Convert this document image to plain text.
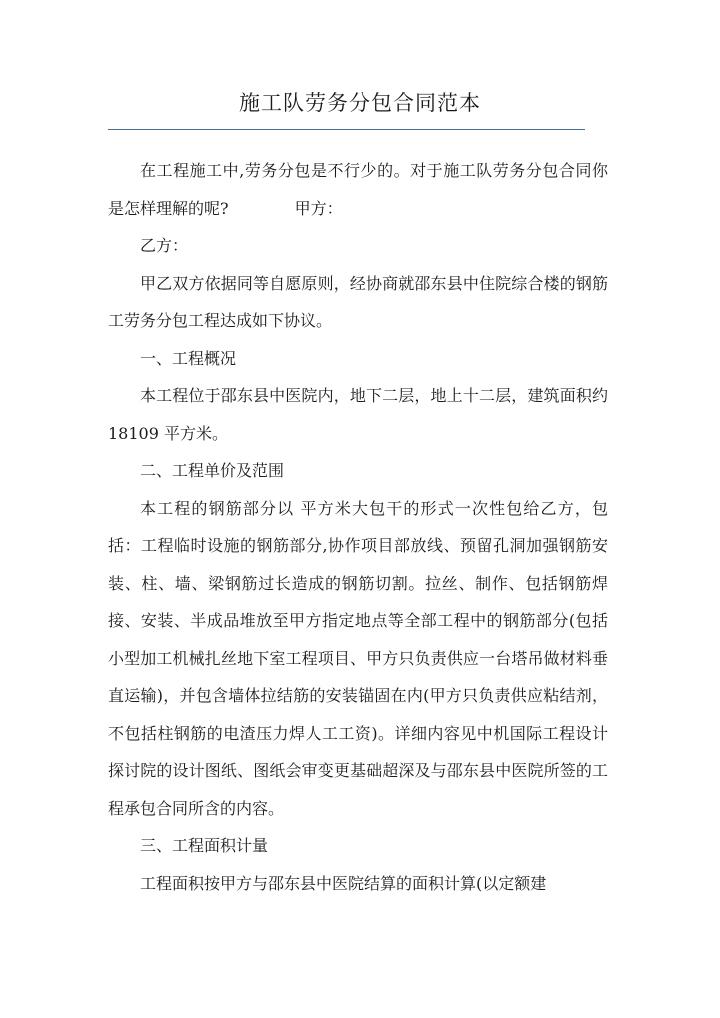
施工队劳务分包合同范本

在工程施工中,劳务分包是不行少的。对于施工队劳务分包合同你是怎样理解的呢?	甲方：

乙方：

甲乙双方依据同等自愿原则，经协商就邵东县中住院综合楼的钢筋工劳务分包工程达成如下协议。

一、工程概况

本工程位于邵东县中医院内，地下二层，地上十二层，建筑面积约 18109 平方米。

二、工程单价及范围

本工程的钢筋部分以 平方米大包干的形式一次性包给乙方，包括：工程临时设施的钢筋部分,协作项目部放线、预留孔洞加强钢筋安装、柱、墙、梁钢筋过长造成的钢筋切割。拉丝、制作、包括钢筋焊接、安装、半成品堆放至甲方指定地点等全部工程中的钢筋部分(包括小型加工机械扎丝地下室工程项目、甲方只负责供应一台塔吊做材料垂直运输)，并包含墙体拉结筋的安装锚固在内(甲方只负责供应粘结剂，不包括柱钢筋的电渣压力焊人工工资)。详细内容见中机国际工程设计探讨院的设计图纸、图纸会审变更基础超深及与邵东县中医院所签的工程承包合同所含的内容。

三、工程面积计量

工程面积按甲方与邵东县中医院结算的面积计算(以定额建
